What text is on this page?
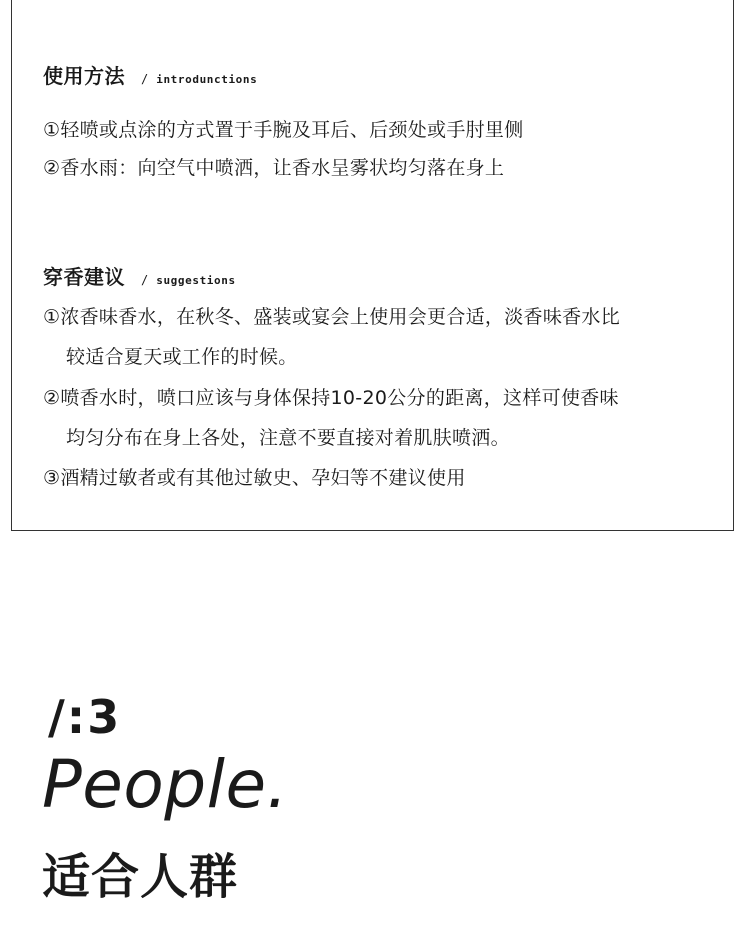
使用方法 / introdunctions
①轻喷或点涂的方式置于手腕及耳后、后颈处或手肘里侧
②香水雨：向空气中喷洒，让香水呈雾状均匀落在身上
穿香建议 / suggestions
①浓香味香水，在秋冬、盛装或宴会上使用会更合适，淡香味香水比
较适合夏天或工作的时候。
②喷香水时，喷口应该与身体保持10-20公分的距离，这样可使香味
均匀分布在身上各处，注意不要直接对着肌肤喷洒。
③酒精过敏者或有其他过敏史、孕妇等不建议使用
/:3
People.
适合人群
